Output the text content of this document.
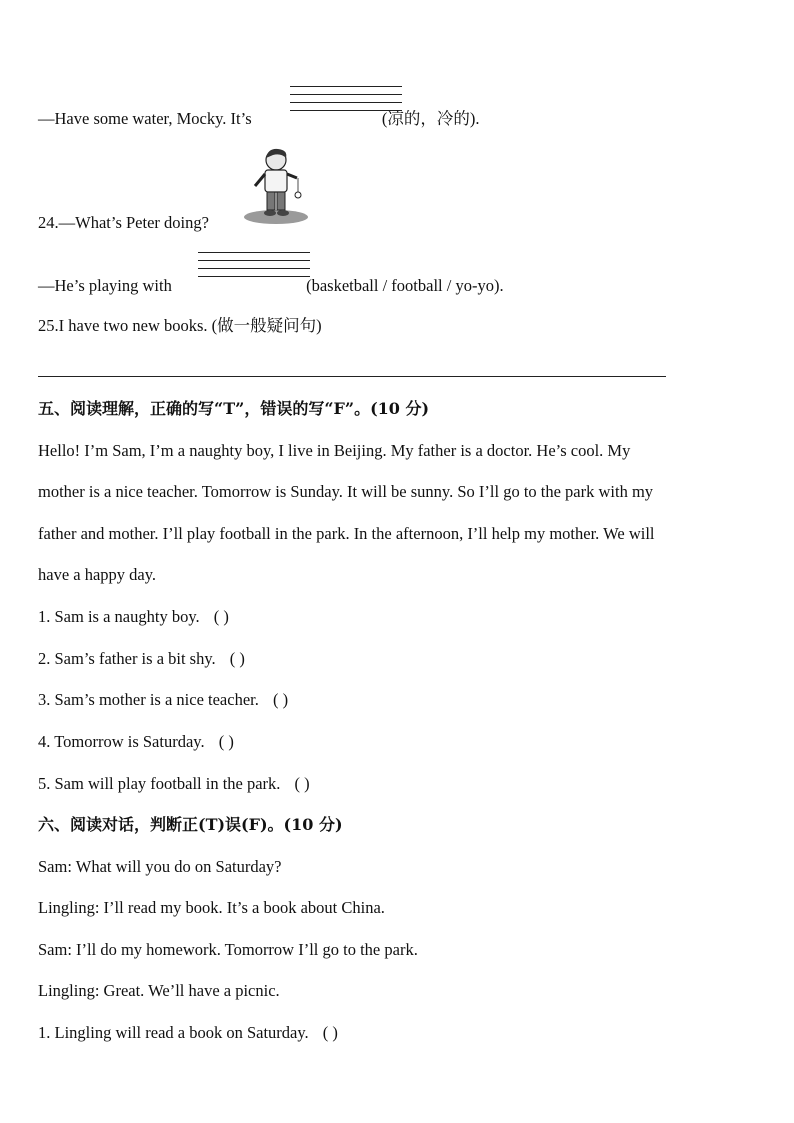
—Have some water, Mocky. It’s	(凉的，冷的).
24.—What’s Peter doing?
—He’s playing with	(basketball / football / yo-yo).
25.I have two new books. (做一般疑问句)
五、阅读理解，正确的写“T”，错误的写“F”。(10 分)
Hello! I’m Sam, I’m a naughty boy, I live in Beijing. My father is a doctor. He’s cool. My
mother is a nice teacher. Tomorrow is Sunday. It will be sunny. So I’ll go to the park with my
father and mother. I’ll play football in the park. In the afternoon, I’ll help my mother. We will
have a happy day.
1. Sam is a naughty boy. ( )
2. Sam’s father is a bit shy. ( )
3. Sam’s mother is a nice teacher. ( )
4. Tomorrow is Saturday. ( )
5. Sam will play football in the park. ( )
六、阅读对话，判断正(T)误(F)。(10 分)
Sam: What will you do on Saturday?
Lingling: I’ll read my book. It’s a book about China.
Sam: I’ll do my homework. Tomorrow I’ll go to the park.
Lingling: Great. We’ll have a picnic.
1. Lingling will read a book on Saturday. ( )
